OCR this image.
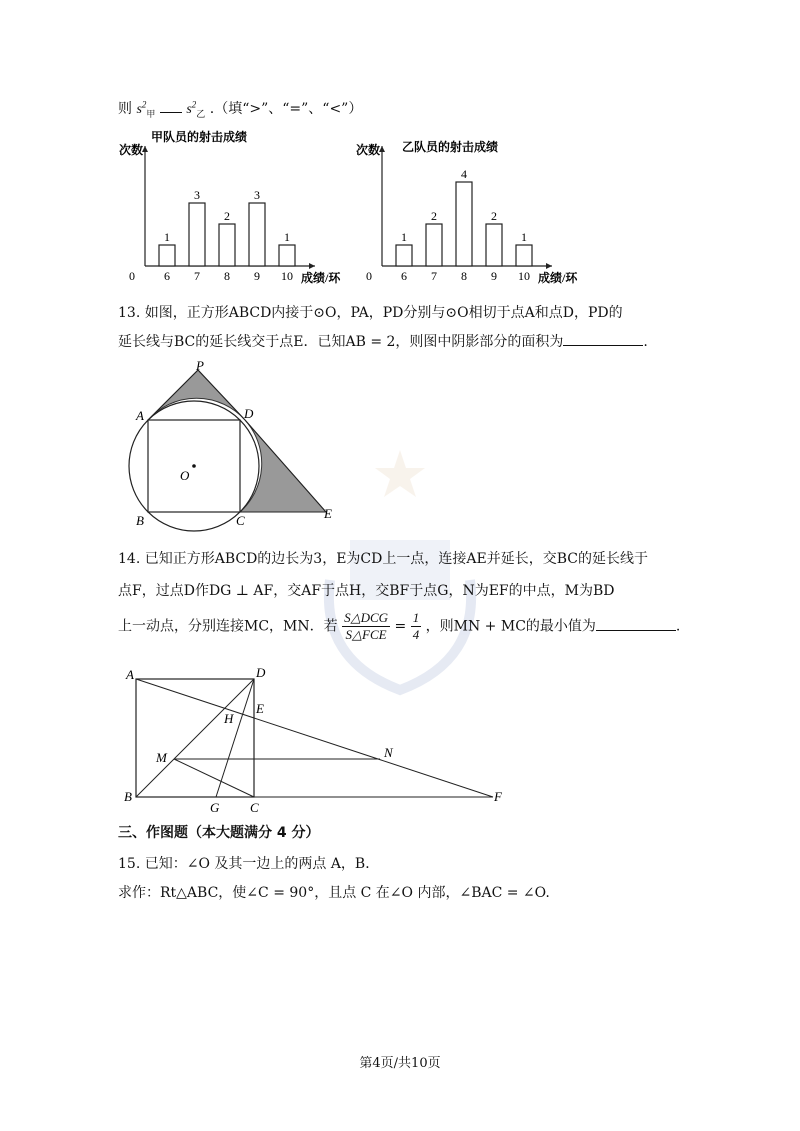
则 $s^2_甲$ $s^2_乙$ .（填“>”、“=”、“<”）
甲队员的射击成绩
次数
0	成绩/环
1
6
3
7
2
8
3
9
1
10
乙队员的射击成绩
次数
0	成绩/环
1
6
2
7
4
8
2
9
1
10
13. 如图，正方形ABCD内接于⊙O，PA，PD分别与⊙O相切于点A和点D，PD的
延长线与BC的延长线交于点E．已知AB = 2，则图中阴影部分的面积为	.
P
A	D
O
B	C	E
14. 已知正方形ABCD的边长为3，E为CD上一点，连接AE并延长，交BC的延长线于
点F，过点D作DG ⊥ AF，交AF于点H，交BF于点G，N为EF的中点，M为BD
上一动点，分别连接MC，MN．若 $\frac{\text{S△DCG}}{\text{S△FCE}} = \frac{1}{4}$ ，则MN + MC的最小值为	.
A	D
H
E
M	N
B
G C
F
三、作图题（本大题满分 4 分）
15. 已知：∠O 及其一边上的两点 A，B．
求作：Rt△ABC，使∠C = 90°，且点 C 在∠O 内部，∠BAC = ∠O.
第4页/共10页
